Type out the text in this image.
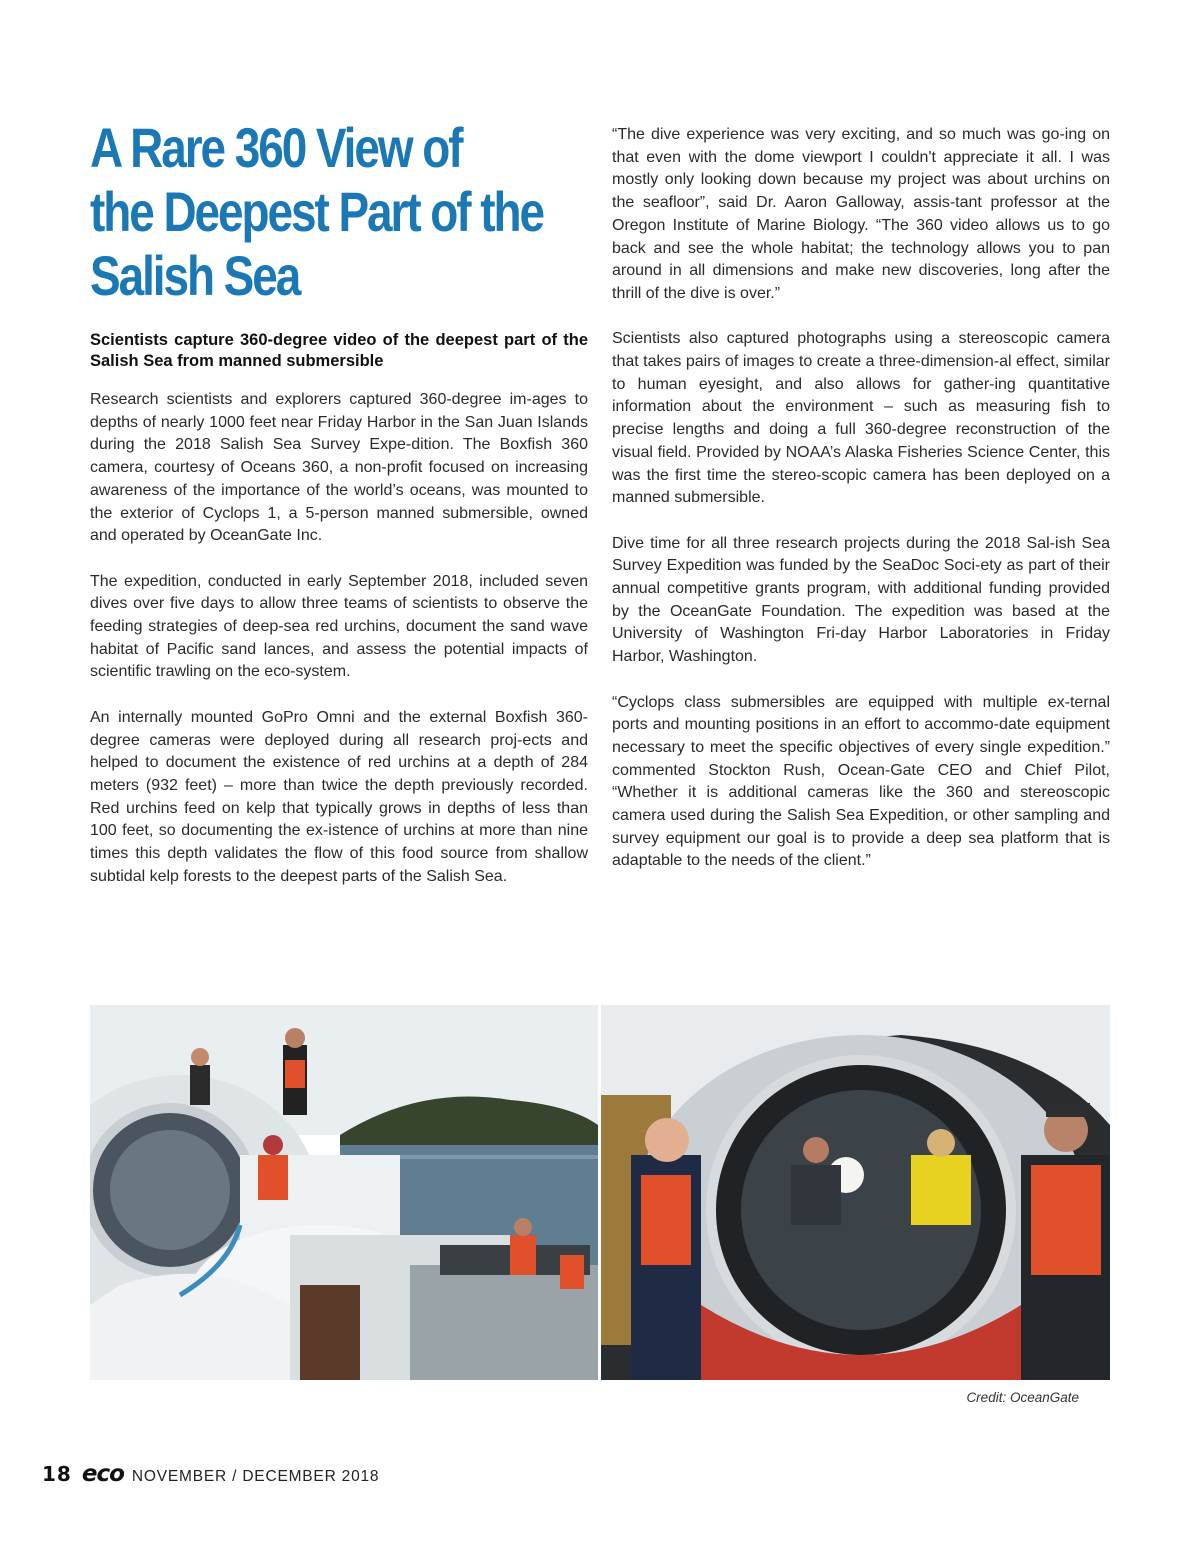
A Rare 360 View of
the Deepest Part of the
Salish Sea

Scientists capture 360-degree video of the deepest part of the Salish Sea from manned submersible

Research scientists and explorers captured 360-degree im-ages to depths of nearly 1000 feet near Friday Harbor in the San Juan Islands during the 2018 Salish Sea Survey Expe-dition. The Boxfish 360 camera, courtesy of Oceans 360, a non-profit focused on increasing awareness of the importance of the world’s oceans, was mounted to the exterior of Cyclops 1, a 5-person manned submersible, owned and operated by OceanGate Inc.

The expedition, conducted in early September 2018, included seven dives over five days to allow three teams of scientists to observe the feeding strategies of deep-sea red urchins, document the sand wave habitat of Pacific sand lances, and assess the potential impacts of scientific trawling on the eco-system.

An internally mounted GoPro Omni and the external Boxfish 360-degree cameras were deployed during all research proj-ects and helped to document the existence of red urchins at a depth of 284 meters (932 feet) – more than twice the depth previously recorded. Red urchins feed on kelp that typically grows in depths of less than 100 feet, so documenting the ex-istence of urchins at more than nine times this depth validates the flow of this food source from shallow subtidal kelp forests to the deepest parts of the Salish Sea.

“The dive experience was very exciting, and so much was go-ing on that even with the dome viewport I couldn't appreciate it all. I was mostly only looking down because my project was about urchins on the seafloor”, said Dr. Aaron Galloway, assis-tant professor at the Oregon Institute of Marine Biology. “The 360 video allows us to go back and see the whole habitat; the technology allows you to pan around in all dimensions and make new discoveries, long after the thrill of the dive is over.”

Scientists also captured photographs using a stereoscopic camera that takes pairs of images to create a three-dimension-al effect, similar to human eyesight, and also allows for gather-ing quantitative information about the environment – such as measuring fish to precise lengths and doing a full 360-degree reconstruction of the visual field. Provided by NOAA’s Alaska Fisheries Science Center, this was the first time the stereo-scopic camera has been deployed on a manned submersible.

Dive time for all three research projects during the 2018 Sal-ish Sea Survey Expedition was funded by the SeaDoc Soci-ety as part of their annual competitive grants program, with additional funding provided by the OceanGate Foundation. The expedition was based at the University of Washington Fri-day Harbor Laboratories in Friday Harbor, Washington.

“Cyclops class submersibles are equipped with multiple ex-ternal ports and mounting positions in an effort to accommo-date equipment necessary to meet the specific objectives of every single expedition.” commented Stockton Rush, Ocean-Gate CEO and Chief Pilot, “Whether it is additional cameras like the 360 and stereoscopic camera used during the Salish Sea Expedition, or other sampling and survey equipment our goal is to provide a deep sea platform that is adaptable to the needs of the client.”

Credit: OceanGate
18 eco NOVEMBER / DECEMBER 2018
